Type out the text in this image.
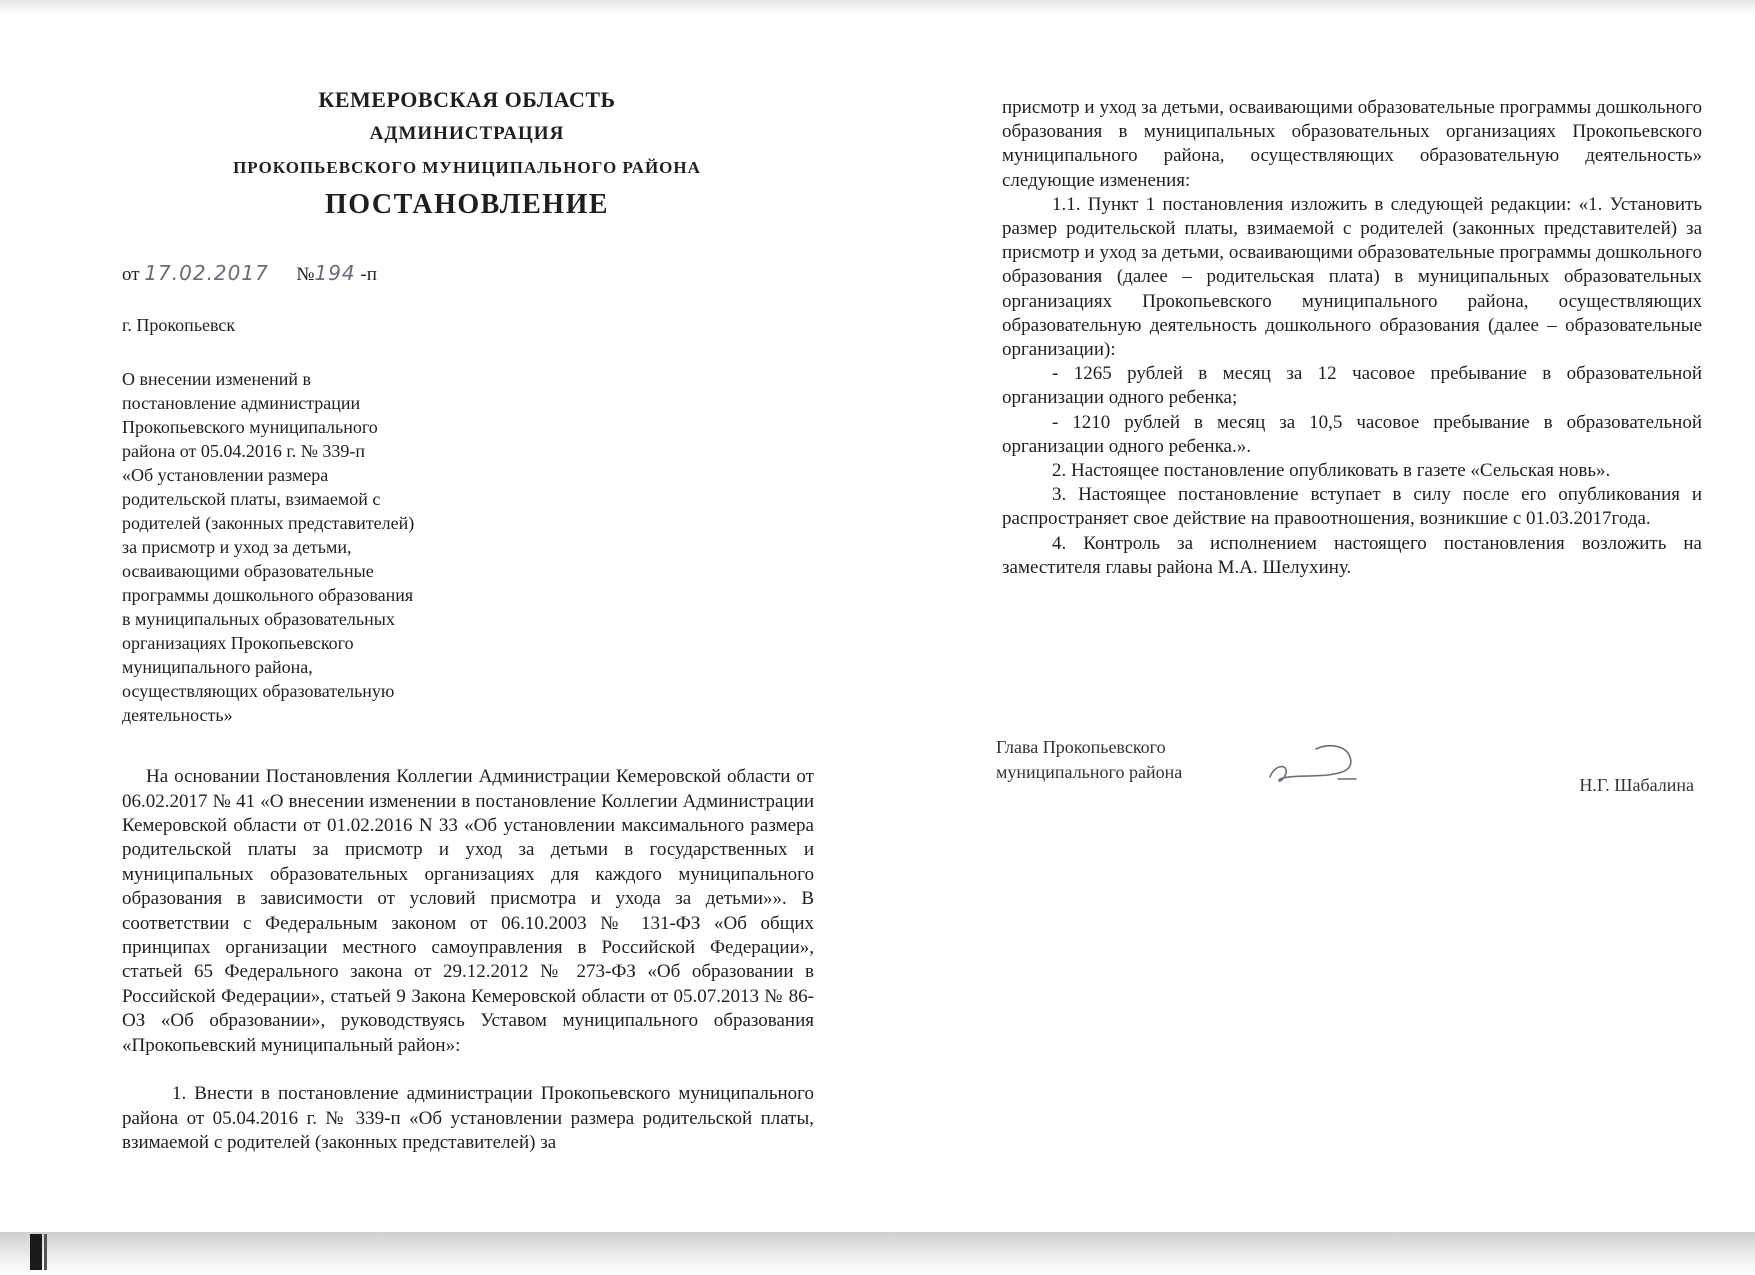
КЕМЕРОВСКАЯ ОБЛАСТЬ
АДМИНИСТРАЦИЯ
ПРОКОПЬЕВСКОГО МУНИЦИПАЛЬНОГО РАЙОНА
ПОСТАНОВЛЕНИЕ
от 17.02.2017 №194 -п
г. Прокопьевск
О внесении изменений в
постановление администрации
Прокопьевского муниципального
района от 05.04.2016 г. № 339-п
«Об установлении размера
родительской платы, взимаемой с
родителей (законных представителей)
за присмотр и уход за детьми,
осваивающими образовательные
программы дошкольного образования
в муниципальных образовательных
организациях Прокопьевского
муниципального района,
осуществляющих образовательную
деятельность»

На основании Постановления Коллегии Администрации Кемеровской области от 06.02.2017 № 41 «О внесении изменении в постановление Коллегии Администрации Кемеровской области от 01.02.2016 N 33 «Об установлении максимального размера родительской платы за присмотр и уход за детьми в государственных и муниципальных образовательных организациях для каждого муниципального образования в зависимости от условий присмотра и ухода за детьми»». В соответствии с Федеральным законом от 06.10.2003 № 131-ФЗ «Об общих принципах организации местного самоуправления в Российской Федерации», статьей 65 Федерального закона от 29.12.2012 № 273-ФЗ «Об образовании в Российской Федерации», статьей 9 Закона Кемеровской области от 05.07.2013 № 86-ОЗ «Об образовании», руководствуясь Уставом муниципального образования «Прокопьевский муниципальный район»:

1. Внести в постановление администрации Прокопьевского муниципального района от 05.04.2016 г. № 339-п «Об установлении размера родительской платы, взимаемой с родителей (законных представителей) за

присмотр и уход за детьми, осваивающими образовательные программы дошкольного образования в муниципальных образовательных организациях Прокопьевского муниципального района, осуществляющих образовательную деятельность» следующие изменения:

1.1. Пункт 1 постановления изложить в следующей редакции: «1. Установить размер родительской платы, взимаемой с родителей (законных представителей) за присмотр и уход за детьми, осваивающими образовательные программы дошкольного образования (далее – родительская плата) в муниципальных образовательных организациях Прокопьевского муниципального района, осуществляющих образовательную деятельность дошкольного образования (далее – образовательные организации):

- 1265 рублей в месяц за 12 часовое пребывание в образовательной организации одного ребенка;

- 1210 рублей в месяц за 10,5 часовое пребывание в образовательной организации одного ребенка.».

2. Настоящее постановление опубликовать в газете «Сельская новь».

3. Настоящее постановление вступает в силу после его опубликования и распространяет свое действие на правоотношения, возникшие с 01.03.2017года.

4. Контроль за исполнением настоящего постановления возложить на заместителя главы района М.А. Шелухину.

Глава Прокопьевского
муниципального района
Н.Г. Шабалина
